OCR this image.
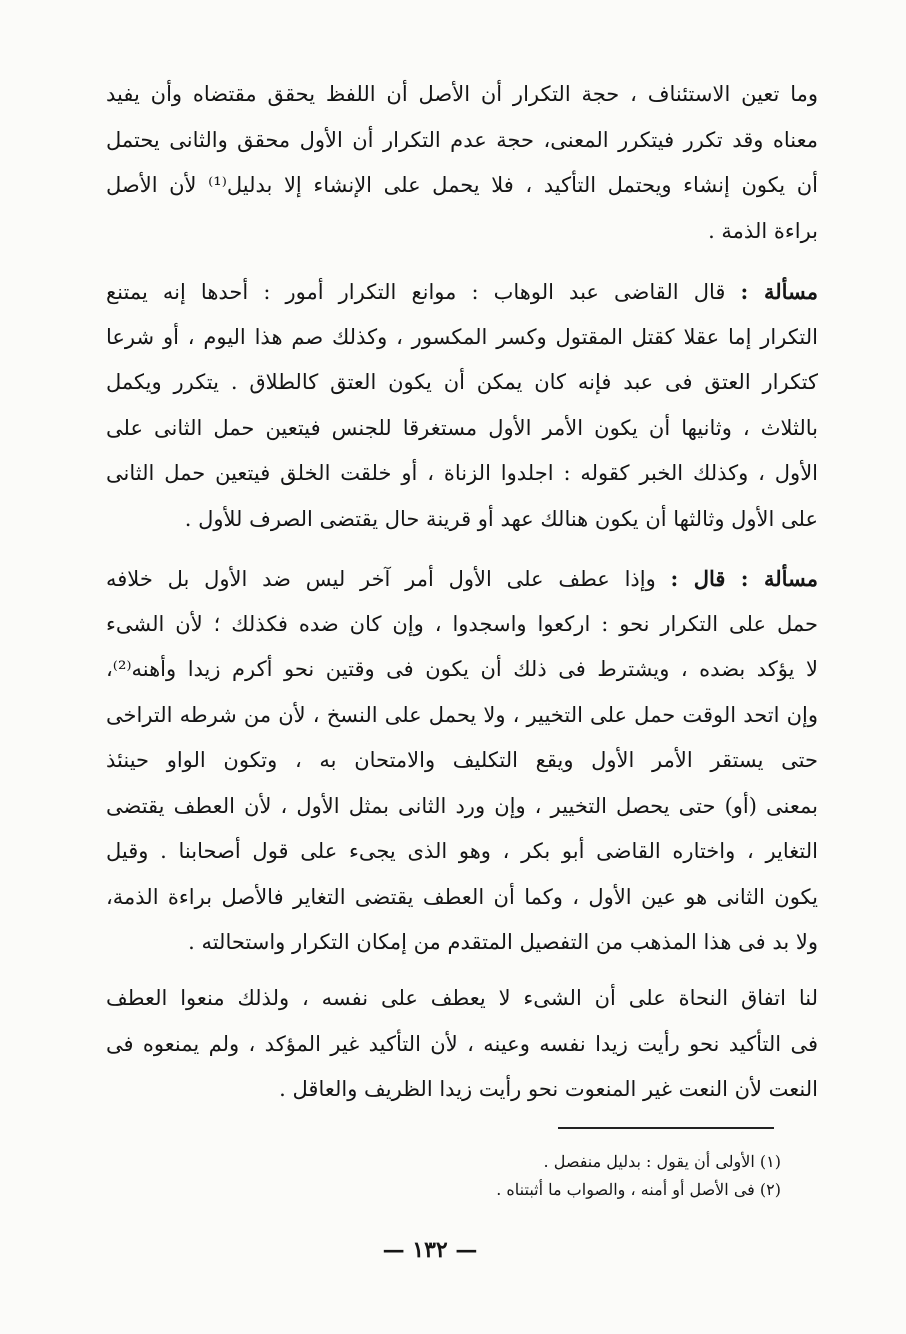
وما تعين الاستئناف ، حجة التكرار أن الأصل أن اللفظ يحقق مقتضاه وأن يفيد
معناه وقد تكرر فيتكرر المعنى، حجة عدم التكرار أن الأول محقق والثانى يحتمل
أن يكون إنشاء ويحتمل التأكيد ، فلا يحمل على الإنشاء إلا بدليل⁽¹⁾ لأن الأصل
براءة الذمة .
مسألة : قال القاضى عبد الوهاب : موانع التكرار أمور : أحدها إنه يمتنع
التكرار إما عقلا كقتل المقتول وكسر المكسور ، وكذلك صم هذا اليوم ، أو شرعا
كتكرار العتق فى عبد فإنه كان يمكن أن يكون العتق كالطلاق . يتكرر ويكمل
بالثلاث ، وثانيها أن يكون الأمر الأول مستغرقا للجنس فيتعين حمل الثانى على
الأول ، وكذلك الخبر كقوله : اجلدوا الزناة ، أو خلقت الخلق فيتعين حمل الثانى
على الأول وثالثها أن يكون هنالك عهد أو قرينة حال يقتضى الصرف للأول .
مسألة : قال : وإذا عطف على الأول أمر آخر ليس ضد الأول بل خلافه
حمل على التكرار نحو : اركعوا واسجدوا ، وإن كان ضده فكذلك ؛ لأن الشىء
لا يؤكد بضده ، ويشترط فى ذلك أن يكون فى وقتين نحو أكرم زيدا وأهنه⁽²⁾،
وإن اتحد الوقت حمل على التخيير ، ولا يحمل على النسخ ، لأن من شرطه التراخى
حتى يستقر الأمر الأول ويقع التكليف والامتحان به ، وتكون الواو حينئذ
بمعنى (أو) حتى يحصل التخيير ، وإن ورد الثانى بمثل الأول ، لأن العطف يقتضى
التغاير ، واختاره القاضى أبو بكر ، وهو الذى يجىء على قول أصحابنا . وقيل
يكون الثانى هو عين الأول ، وكما أن العطف يقتضى التغاير فالأصل براءة الذمة،
ولا بد فى هذا المذهب من التفصيل المتقدم من إمكان التكرار واستحالته .
لنا اتفاق النحاة على أن الشىء لا يعطف على نفسه ، ولذلك منعوا العطف
فى التأكيد نحو رأيت زيدا نفسه وعينه ، لأن التأكيد غير المؤكد ، ولم يمنعوه فى
النعت لأن النعت غير المنعوت نحو رأيت زيدا الظريف والعاقل .
(١) الأولى أن يقول : بدليل منفصل .
(٢) فى الأصل أو أمنه ، والصواب ما أثبتناه .
— ١٣٢ —
